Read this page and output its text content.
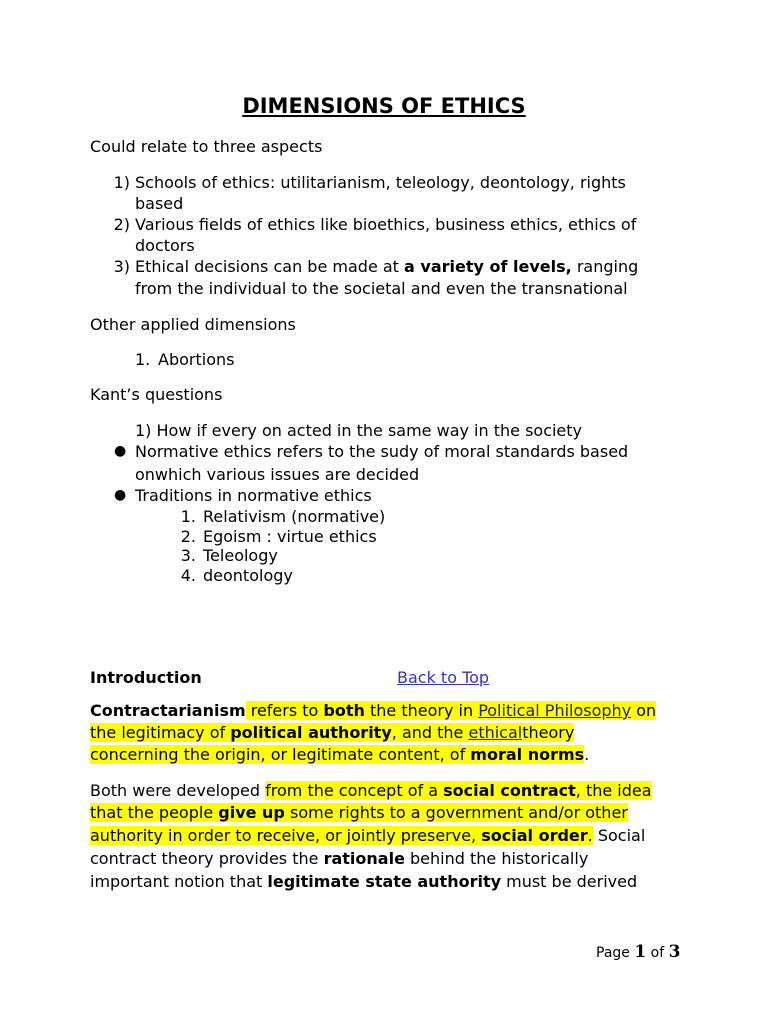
DIMENSIONS OF ETHICS
Could relate to three aspects
1) Schools of ethics: utilitarianism, teleology, deontology, rights
based
2) Various fields of ethics like bioethics, business ethics, ethics of
doctors
3) Ethical decisions can be made at a variety of levels, ranging
from the individual to the societal and even the transnational
Other applied dimensions
1. Abortions
Kant’s questions
1) How if every on acted in the same way in the society
● Normative ethics refers to the sudy of moral standards based
onwhich various issues are decided
● Traditions in normative ethics
1. Relativism (normative)
2. Egoism : virtue ethics
3. Teleology
4. deontology
Introduction	Back to Top
Contractarianism refers to both the theory in Political Philosophy on
the legitimacy of political authority, and the ethicaltheory
concerning the origin, or legitimate content, of moral norms.
Both were developed from the concept of a social contract, the idea
that the people give up some rights to a government and/or other
authority in order to receive, or jointly preserve, social order. Social
contract theory provides the rationale behind the historically
important notion that legitimate state authority must be derived
Page 1 of 3
